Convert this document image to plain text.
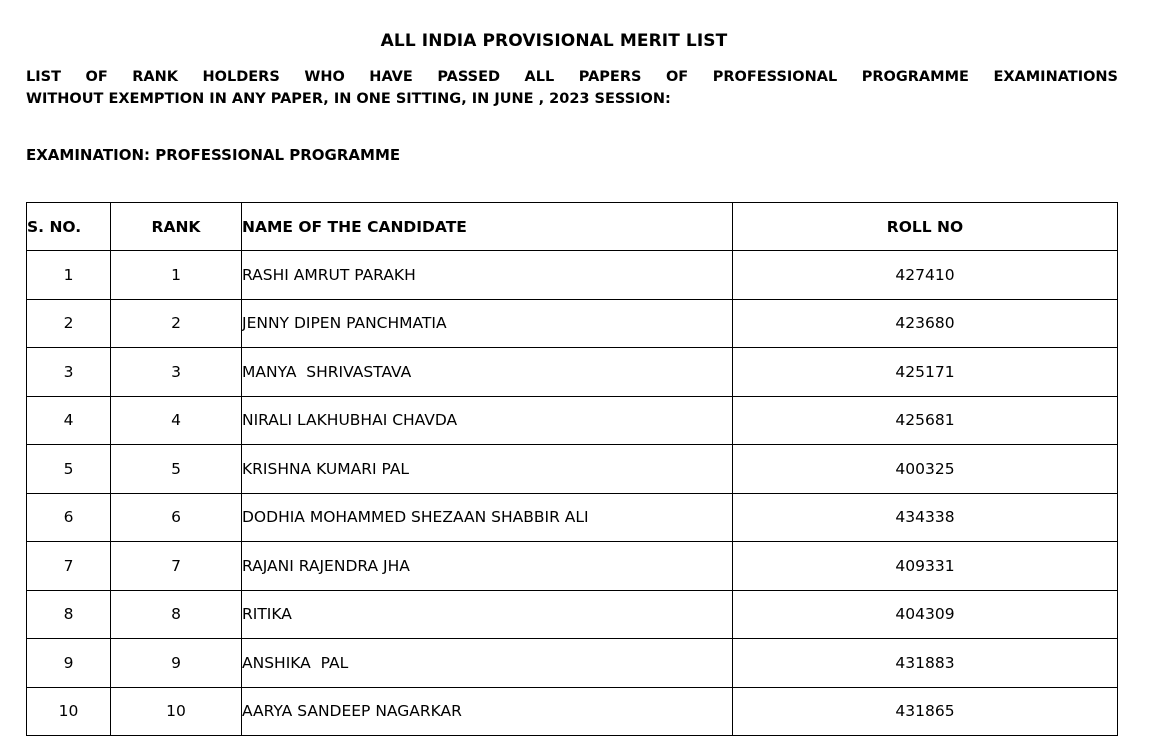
ALL INDIA PROVISIONAL MERIT LIST
LIST OF RANK HOLDERS WHO HAVE PASSED ALL PAPERS OF PROFESSIONAL PROGRAMME EXAMINATIONS
WITHOUT EXEMPTION IN ANY PAPER, IN ONE SITTING, IN JUNE , 2023 SESSION:
EXAMINATION: PROFESSIONAL PROGRAMME
S. NO.	RANK	NAME OF THE CANDIDATE	ROLL NO
1	1	RASHI AMRUT PARAKH	427410
2	2	JENNY DIPEN PANCHMATIA	423680
3	3	MANYA  SHRIVASTAVA	425171
4	4	NIRALI LAKHUBHAI CHAVDA	425681
5	5	KRISHNA KUMARI PAL	400325
6	6	DODHIA MOHAMMED SHEZAAN SHABBIR ALI	434338
7	7	RAJANI RAJENDRA JHA	409331
8	8	RITIKA	404309
9	9	ANSHIKA  PAL	431883
10	10	AARYA SANDEEP NAGARKAR	431865
